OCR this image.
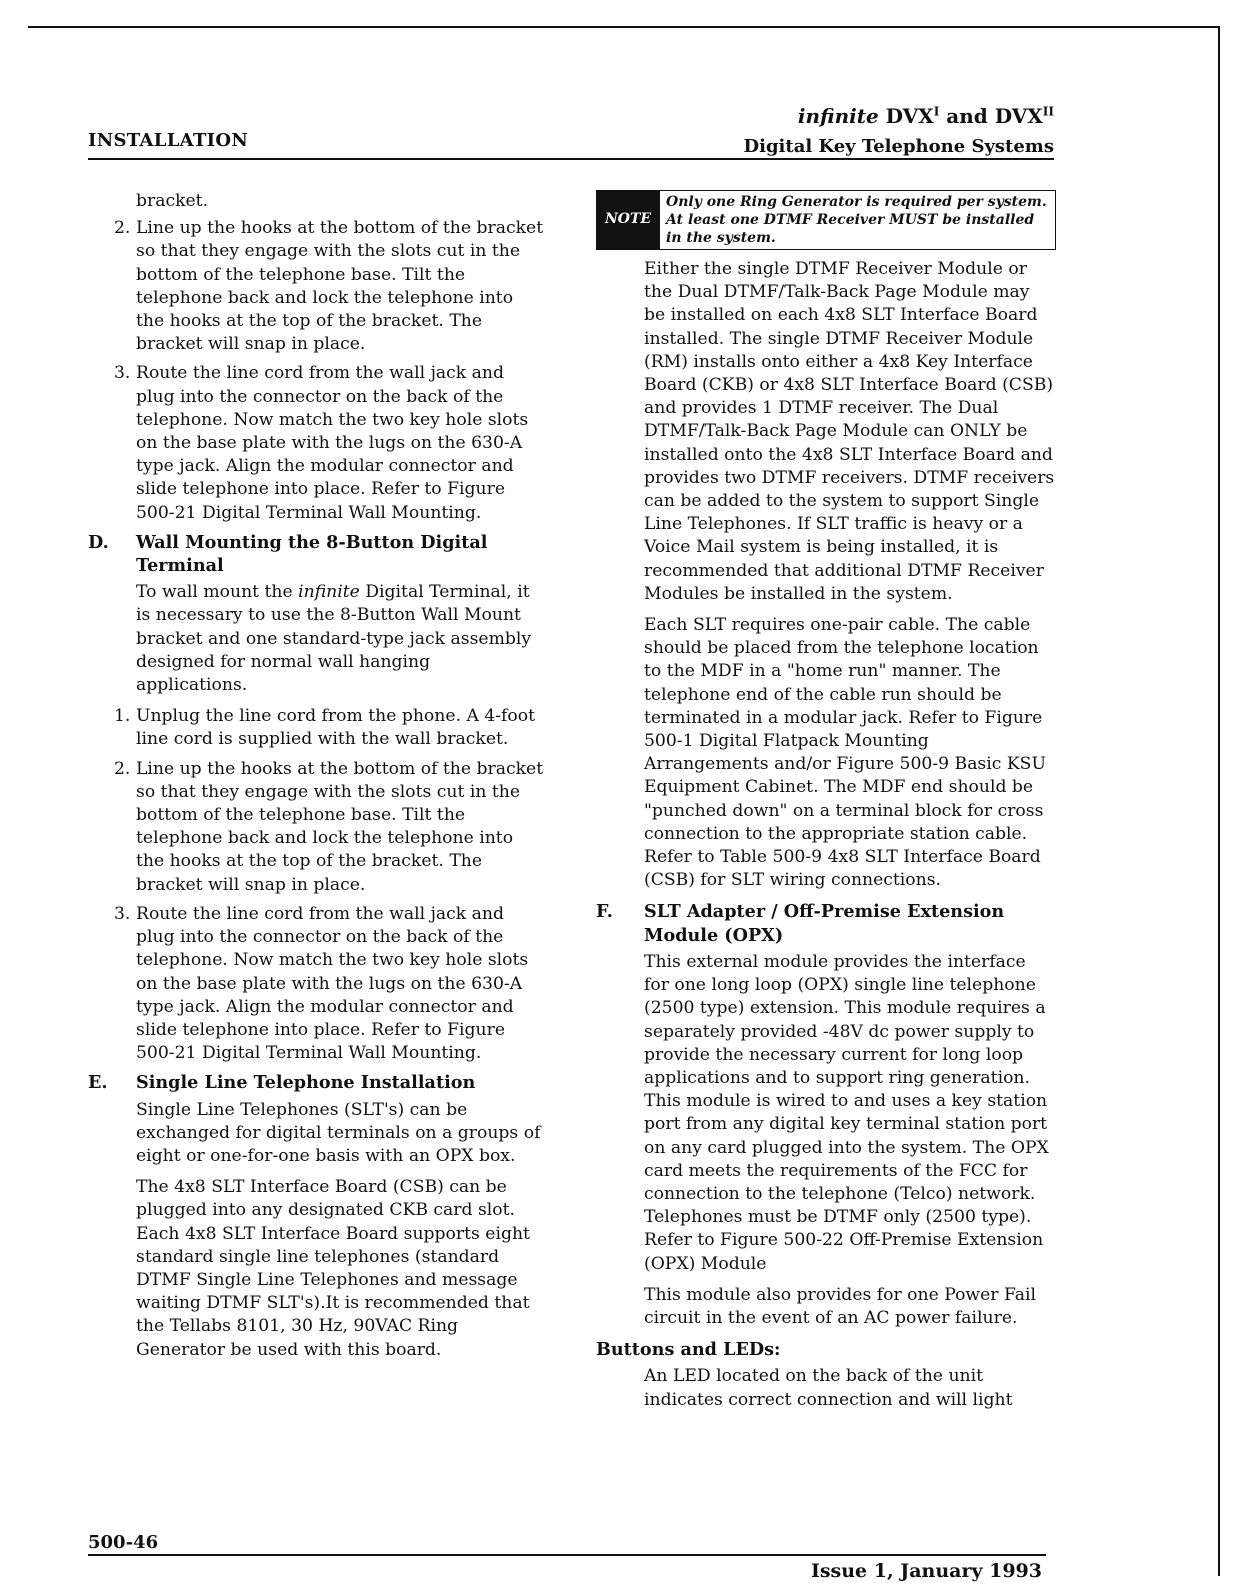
infinite $DVX^I$ and $DVX^{II}$
INSTALLATION	Digital Key Telephone Systems

bracket.

2. Line up the hooks at the bottom of the bracket so that they engage with the slots cut in the bottom of the telephone base. Tilt the telephone back and lock the telephone into the hooks at the top of the bracket. The bracket will snap in place.
3. Route the line cord from the wall jack and plug into the connector on the back of the telephone. Now match the two key hole slots on the base plate with the lugs on the 630-A type jack. Align the modular connector and slide telephone into place. Refer to Figure 500-21 Digital Terminal Wall Mounting.
D.	Wall Mounting the 8-Button Digital Terminal

To wall mount the infinite Digital Terminal, it is necessary to use the 8-Button Wall Mount bracket and one standard-type jack assembly designed for normal wall hanging applications.

1. Unplug the line cord from the phone. A 4-foot line cord is supplied with the wall bracket.
2. Line up the hooks at the bottom of the bracket so that they engage with the slots cut in the bottom of the telephone base. Tilt the telephone back and lock the telephone into the hooks at the top of the bracket. The bracket will snap in place.
3. Route the line cord from the wall jack and plug into the connector on the back of the telephone. Now match the two key hole slots on the base plate with the lugs on the 630-A type jack. Align the modular connector and slide telephone into place. Refer to Figure 500-21 Digital Terminal Wall Mounting.
E.	Single Line Telephone Installation

Single Line Telephones (SLT's) can be exchanged for digital terminals on a groups of eight or one-for-one basis with an OPX box.

The 4x8 SLT Interface Board (CSB) can be plugged into any designated CKB card slot. Each 4x8 SLT Interface Board supports eight standard single line telephones (standard DTMF Single Line Telephones and message waiting DTMF SLT's).It is recommended that the Tellabs 8101, 30 Hz, 90VAC Ring Generator be used with this board.

NOTE
Only one Ring Generator is required per system. At least one DTMF Receiver MUST be installed in the system.

Either the single DTMF Receiver Module or the Dual DTMF/Talk-Back Page Module may be installed on each 4x8 SLT Interface Board installed. The single DTMF Receiver Module (RM) installs onto either a 4x8 Key Interface Board (CKB) or 4x8 SLT Interface Board (CSB) and provides 1 DTMF receiver. The Dual DTMF/Talk-Back Page Module can ONLY be installed onto the 4x8 SLT Interface Board and provides two DTMF receivers. DTMF receivers can be added to the system to support Single Line Telephones. If SLT traffic is heavy or a Voice Mail system is being installed, it is recommended that additional DTMF Receiver Modules be installed in the system.

Each SLT requires one-pair cable. The cable should be placed from the telephone location to the MDF in a "home run" manner. The telephone end of the cable run should be terminated in a modular jack. Refer to Figure 500-1 Digital Flatpack Mounting Arrangements and/or Figure 500-9 Basic KSU Equipment Cabinet. The MDF end should be "punched down" on a terminal block for cross connection to the appropriate station cable. Refer to Table 500-9 4x8 SLT Interface Board (CSB) for SLT wiring connections.

F.	SLT Adapter / Off-Premise Extension Module (OPX)

This external module provides the interface for one long loop (OPX) single line telephone (2500 type) extension. This module requires a separately provided -48V dc power supply to provide the necessary current for long loop applications and to support ring generation. This module is wired to and uses a key station port from any digital key terminal station port on any card plugged into the system. The OPX card meets the requirements of the FCC for connection to the telephone (Telco) network. Telephones must be DTMF only (2500 type). Refer to Figure 500-22 Off-Premise Extension (OPX) Module

This module also provides for one Power Fail circuit in the event of an AC power failure.

Buttons and LEDs:

An LED located on the back of the unit indicates correct connection and will light

500-46
Issue 1, January 1993
